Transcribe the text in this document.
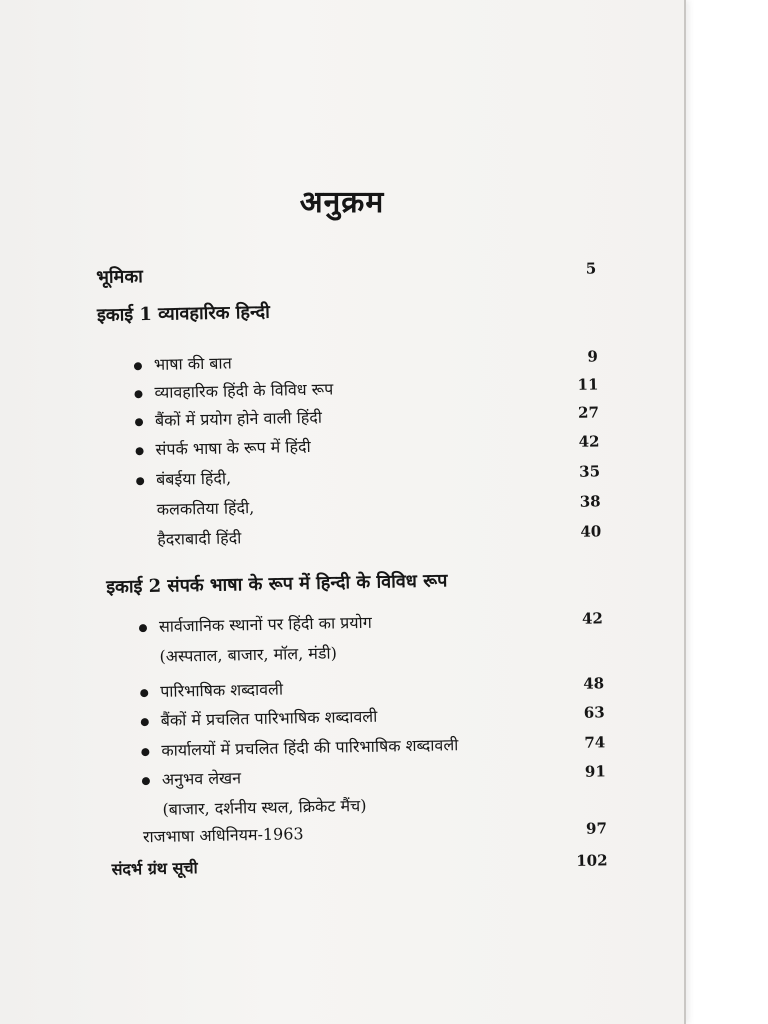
अनुक्रम
भूमिका	5
इकाई 1 व्यावहारिक हिन्दी
भाषा की बात	9
व्यावहारिक हिंदी के विविध रूप	11
बैंकों में प्रयोग होने वाली हिंदी	27
संपर्क भाषा के रूप में हिंदी	42
बंबईया हिंदी,	35
कलकतिया हिंदी,	38
हैदराबादी हिंदी	40
इकाई 2 संपर्क भाषा के रूप में हिन्दी के विविध रूप
सार्वजानिक स्थानों पर हिंदी का प्रयोग	42
(अस्पताल, बाजार, मॉल, मंडी)
पारिभाषिक शब्दावली	48
बैंकों में प्रचलित पारिभाषिक शब्दावली	63
कार्यालयों में प्रचलित हिंदी की पारिभाषिक शब्दावली	74
अनुभव लेखन	91
(बाजार, दर्शनीय स्थल, क्रिकेट मैंच)
राजभाषा अधिनियम-1963	97
संदर्भ ग्रंथ सूची	102
